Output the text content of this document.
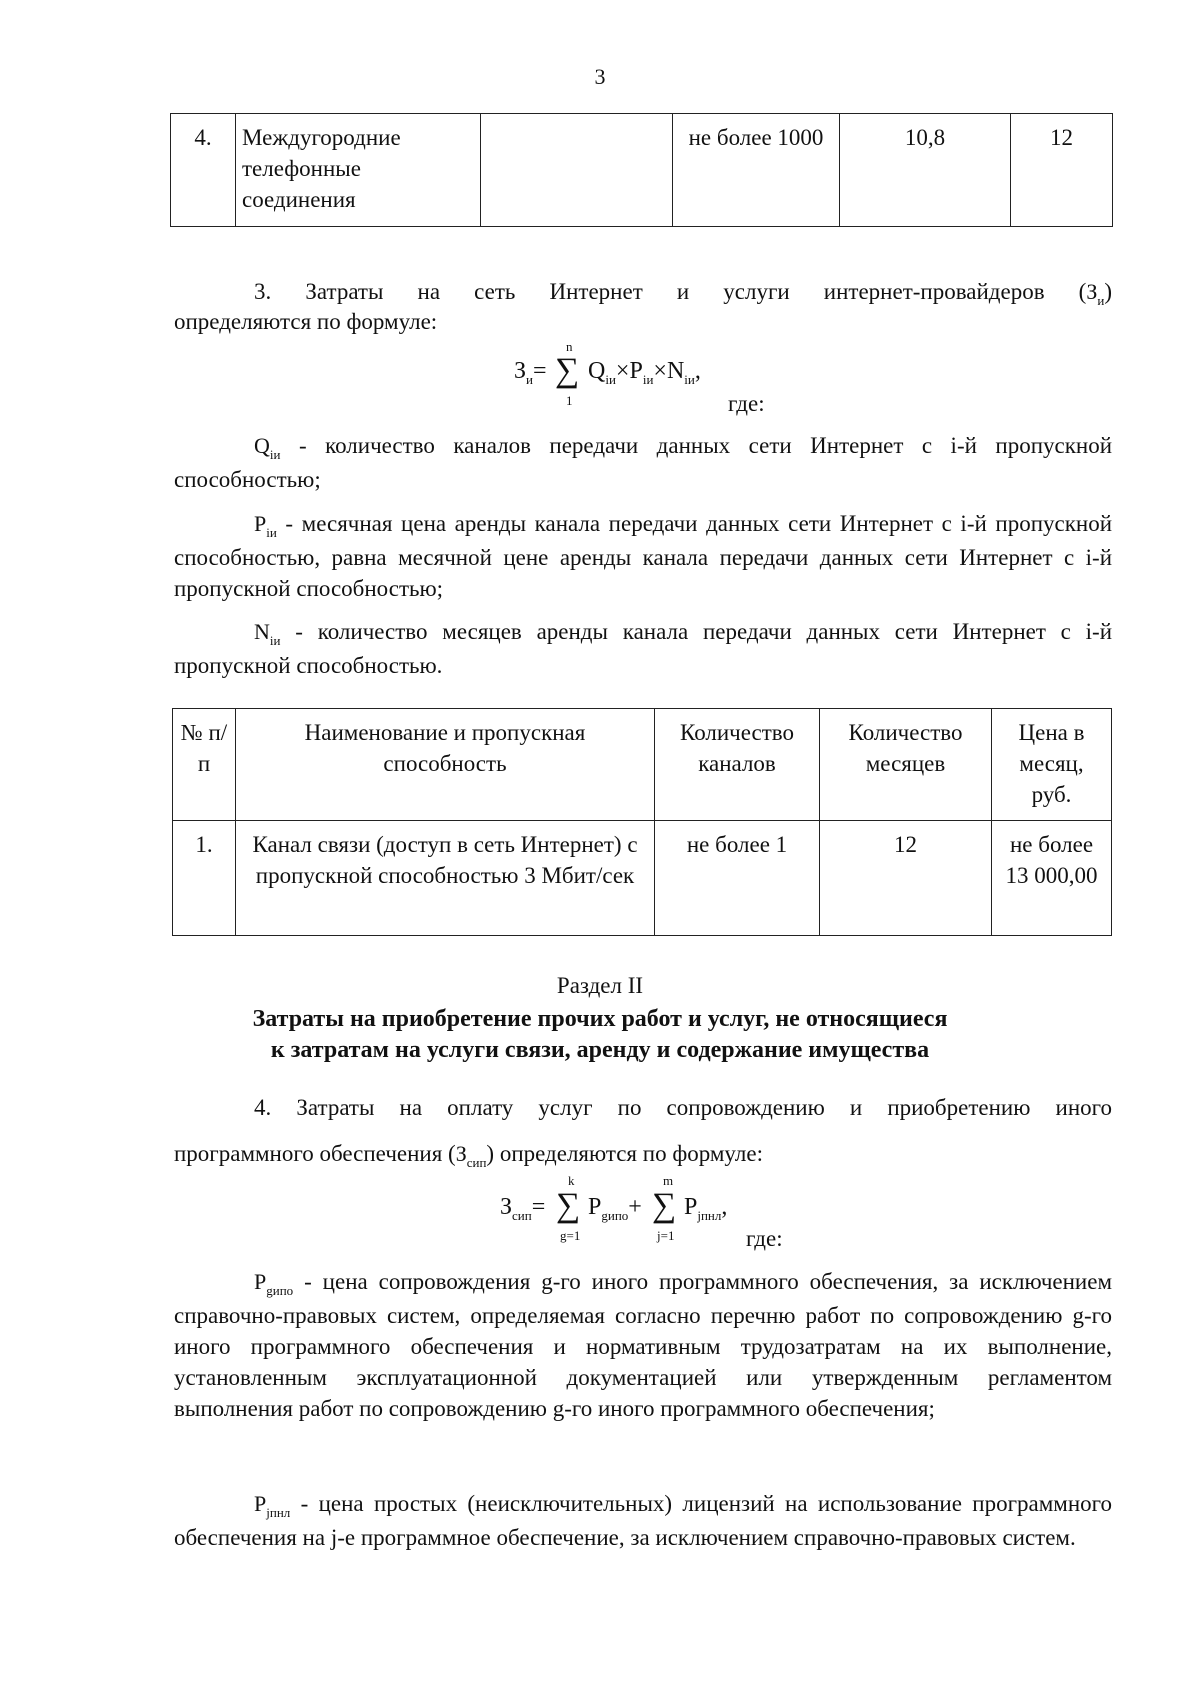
3
4.	Междугородние телефонные соединения		не более 1000	10,8	12
3. Затраты на сеть Интернет и услуги интернет-провайдеров $(З_и)$
определяются по формуле:
$З_и=$
n
∑
1
$Q_{iи}\times P_{iи}\times N_{iи}$,
где:
$Q_{iи}$ - количество каналов передачи данных сети Интернет с i-й пропускной способностью;
$P_{iи}$ - месячная цена аренды канала передачи данных сети Интернет с i-й пропускной способностью, равна месячной цене аренды канала передачи данных сети Интернет с i-й пропускной способностью;
$N_{iи}$ - количество месяцев аренды канала передачи данных сети Интернет с i-й пропускной способностью.
№ п/п	Наименование и пропускная способность	Количество каналов	Количество месяцев	Цена в месяц, руб.
1.	Канал связи (доступ в сеть Интернет) с пропускной способностью 3 Мбит/сек	не более 1	12	не более 13 000,00
Раздел II
Затраты на приобретение прочих работ и услуг, не относящиеся
к затратам на услуги связи, аренду и содержание имущества
4. Затраты на оплату услуг по сопровождению и приобретению иного
программного обеспечения $(З_{сип})$ определяются по формуле:
$З_{сип}=$
k
∑
g=1
$P_{gипо}+$
m
∑
j=1
$P_{jпнл}$,
где:
$P_{gипо}$ - цена сопровождения g-го иного программного обеспечения, за исключением справочно-правовых систем, определяемая согласно перечню работ по сопровождению g-го иного программного обеспечения и нормативным трудозатратам на их выполнение, установленным эксплуатационной документацией или утвержденным регламентом выполнения работ по сопровождению g-го иного программного обеспечения;
$P_{jпнл}$ - цена простых (неисключительных) лицензий на использование программного обеспечения на j-е программное обеспечение, за исключением справочно-правовых систем.
